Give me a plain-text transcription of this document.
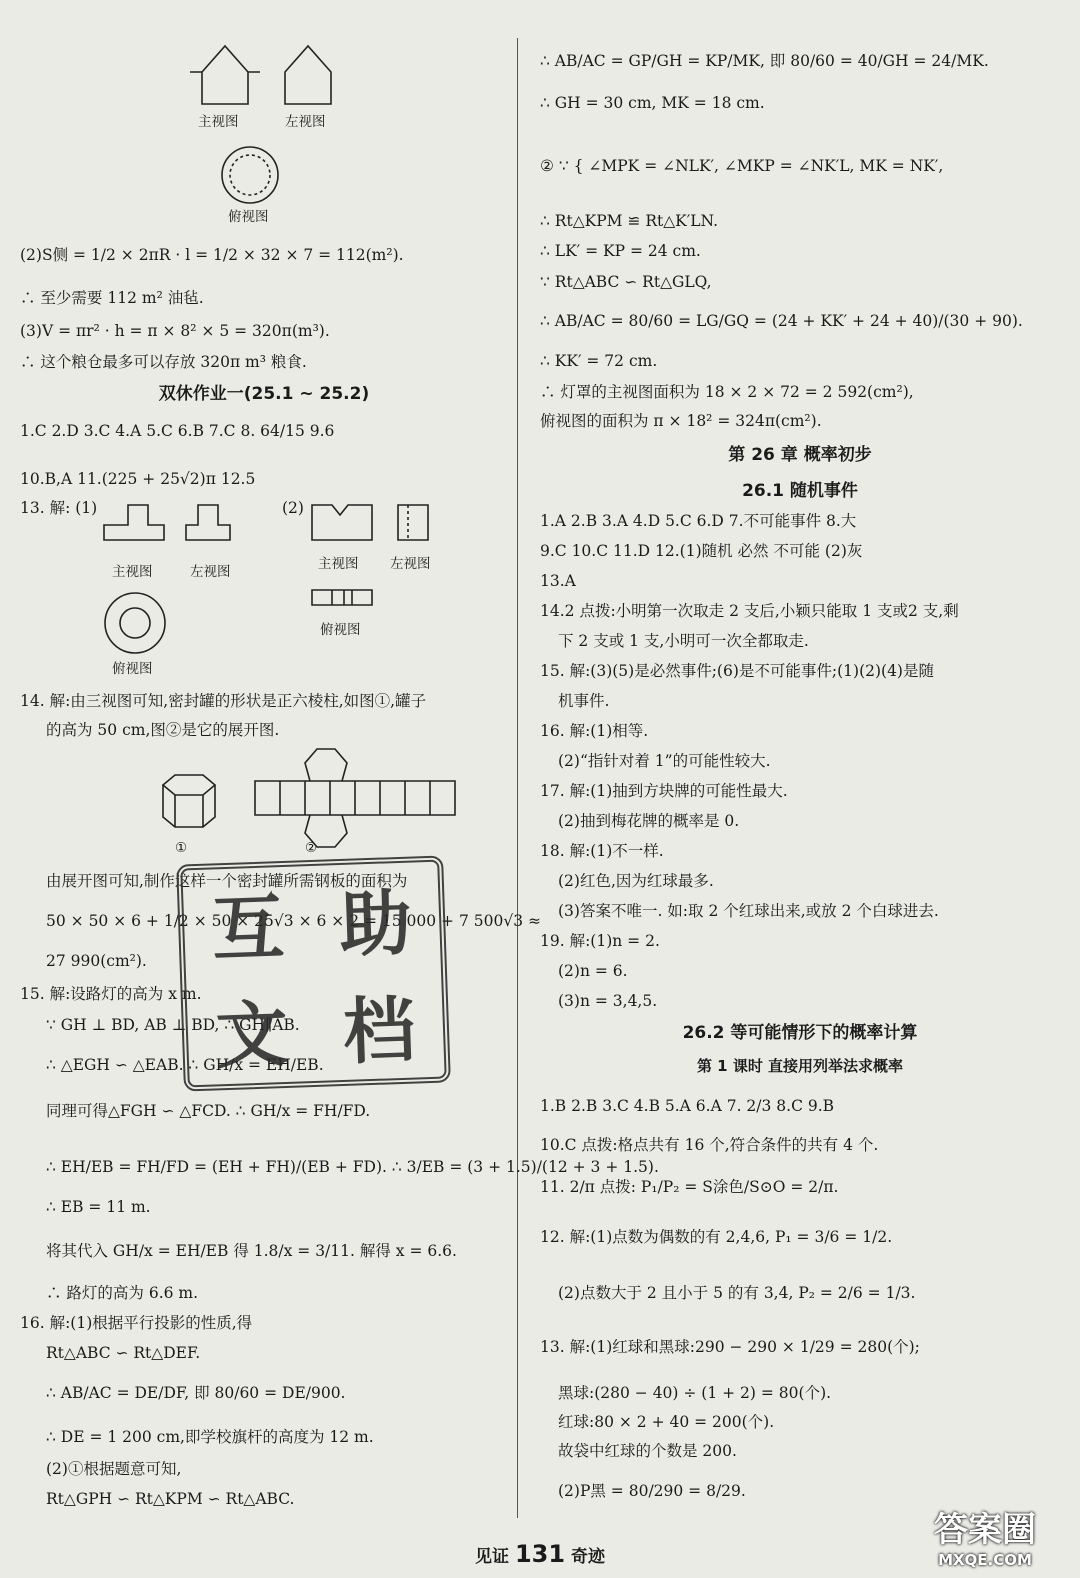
主视图	左视图
俯视图
(2)S侧 = 1/2 × 2πR · l = 1/2 × 32 × 7 = 112(m²).
∴ 至少需要 112 m² 油毡.
(3)V = πr² · h = π × 8² × 5 = 320π(m³).
∴ 这个粮仓最多可以存放 320π m³ 粮食.
双休作业一(25.1 ~ 25.2)
1.C 2.D 3.C 4.A 5.C 6.B 7.C 8. 64/15 9.6
10.B,A 11.(225 + 25√2)π 12.5
13. 解: (1)	(2)
主视图	左视图
俯视图
主视图 左视图
俯视图
14. 解:由三视图可知,密封罐的形状是正六棱柱,如图①,罐子
的高为 50 cm,图②是它的展开图.
①	②
由展开图可知,制作这样一个密封罐所需钢板的面积为
50 × 50 × 6 + 1/2 × 50 × 25√3 × 6 × 2 = 15 000 + 7 500√3 ≈
27 990(cm²).
15. 解:设路灯的高为 x m.
∵ GH ⊥ BD, AB ⊥ BD, ∴ GH∥AB.
∴ △EGH ∽ △EAB. ∴ GH/x = EH/EB.
同理可得△FGH ∽ △FCD. ∴ GH/x = FH/FD.
∴ EH/EB = FH/FD = (EH + FH)/(EB + FD). ∴ 3/EB = (3 + 1.5)/(12 + 3 + 1.5).
∴ EB = 11 m.
将其代入 GH/x = EH/EB 得 1.8/x = 3/11. 解得 x = 6.6.
∴ 路灯的高为 6.6 m.
16. 解:(1)根据平行投影的性质,得
Rt△ABC ∽ Rt△DEF.
∴ AB/AC = DE/DF, 即 80/60 = DE/900.
∴ DE = 1 200 cm,即学校旗杆的高度为 12 m.
(2)①根据题意可知,
Rt△GPH ∽ Rt△KPM ∽ Rt△ABC.
∴ AB/AC = GP/GH = KP/MK, 即 80/60 = 40/GH = 24/MK.
∴ GH = 30 cm, MK = 18 cm.
② ∵ { ∠MPK = ∠NLK′, ∠MKP = ∠NK′L, MK = NK′,
∴ Rt△KPM ≌ Rt△K′LN.
∴ LK′ = KP = 24 cm.
∵ Rt△ABC ∽ Rt△GLQ,
∴ AB/AC = 80/60 = LG/GQ = (24 + KK′ + 24 + 40)/(30 + 90).
∴ KK′ = 72 cm.
∴ 灯罩的主视图面积为 18 × 2 × 72 = 2 592(cm²),
俯视图的面积为 π × 18² = 324π(cm²).
第 26 章 概率初步
26.1 随机事件
1.A 2.B 3.A 4.D 5.C 6.D 7.不可能事件 8.大
9.C 10.C 11.D 12.(1)随机 必然 不可能 (2)灰
13.A
14.2 点拨:小明第一次取走 2 支后,小颖只能取 1 支或2 支,剩
下 2 支或 1 支,小明可一次全都取走.
15. 解:(3)(5)是必然事件;(6)是不可能事件;(1)(2)(4)是随
机事件.
16. 解:(1)相等.
(2)“指针对着 1”的可能性较大.
17. 解:(1)抽到方块牌的可能性最大.
(2)抽到梅花牌的概率是 0.
18. 解:(1)不一样.
(2)红色,因为红球最多.
(3)答案不唯一. 如:取 2 个红球出来,或放 2 个白球进去.
19. 解:(1)n = 2.
(2)n = 6.
(3)n = 3,4,5.
26.2 等可能情形下的概率计算
第 1 课时 直接用列举法求概率
1.B 2.B 3.C 4.B 5.A 6.A 7. 2/3 8.C 9.B
10.C 点拨:格点共有 16 个,符合条件的共有 4 个.
11. 2/π 点拨: P₁/P₂ = S涂色/S⊙O = 2/π.
12. 解:(1)点数为偶数的有 2,4,6, P₁ = 3/6 = 1/2.
(2)点数大于 2 且小于 5 的有 3,4, P₂ = 2/6 = 1/3.
13. 解:(1)红球和黑球:290 − 290 × 1/29 = 280(个);
黑球:(280 − 40) ÷ (1 + 2) = 80(个).
红球:80 × 2 + 40 = 200(个).
故袋中红球的个数是 200.
(2)P黑 = 80/290 = 8/29.
互 助
文 档
见证 131 奇迹
答案圈
MXQE.COM
